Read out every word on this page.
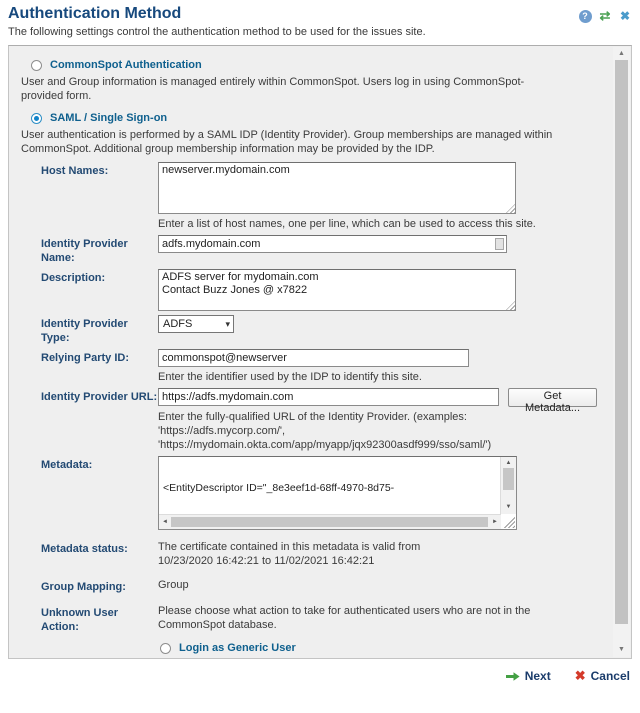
Authentication Method
The following settings control the authentication method to be used for the issues site.
? ⇄ ✖
CommonSpot Authentication
User and Group information is managed entirely within CommonSpot. Users log in using CommonSpot-provided form.
SAML / Single Sign-on
User authentication is performed by a SAML IDP (Identity Provider). Group memberships are managed within CommonSpot. Additional group membership information may be provided by the IDP.
Host Names:
newserver.mydomain.com
Enter a list of host names, one per line, which can be used to access this site.
Identity Provider Name:
adfs.mydomain.com
Description:
ADFS server for mydomain.com Contact Buzz Jones @ x7822
Identity Provider Type:
ADFS	▾
Relying Party ID:
commonspot@newserver
Enter the identifier used by the IDP to identify this site.
Identity Provider URL:
https://adfs.mydomain.com	Get Metadata...
Enter the fully-qualified URL of the Identity Provider. (examples:
'https://adfs.mycorp.com/',
'https://mydomain.okta.com/app/myapp/jqx92300asdf999/sso/saml/')
Metadata:

<EntityDescriptor ID="_8e3eef1d-68ff-4970-8d75-

▲
▼
◄	►
Metadata status:	The certificate contained in this metadata is valid from
10/23/2020 16:42:21 to 11/02/2021 16:42:21
Group Mapping:	Group
Unknown User Action:
Please choose what action to take for authenticated users who are not in the CommonSpot database.
Login as Generic User
▲
▼
Next ✖ Cancel
